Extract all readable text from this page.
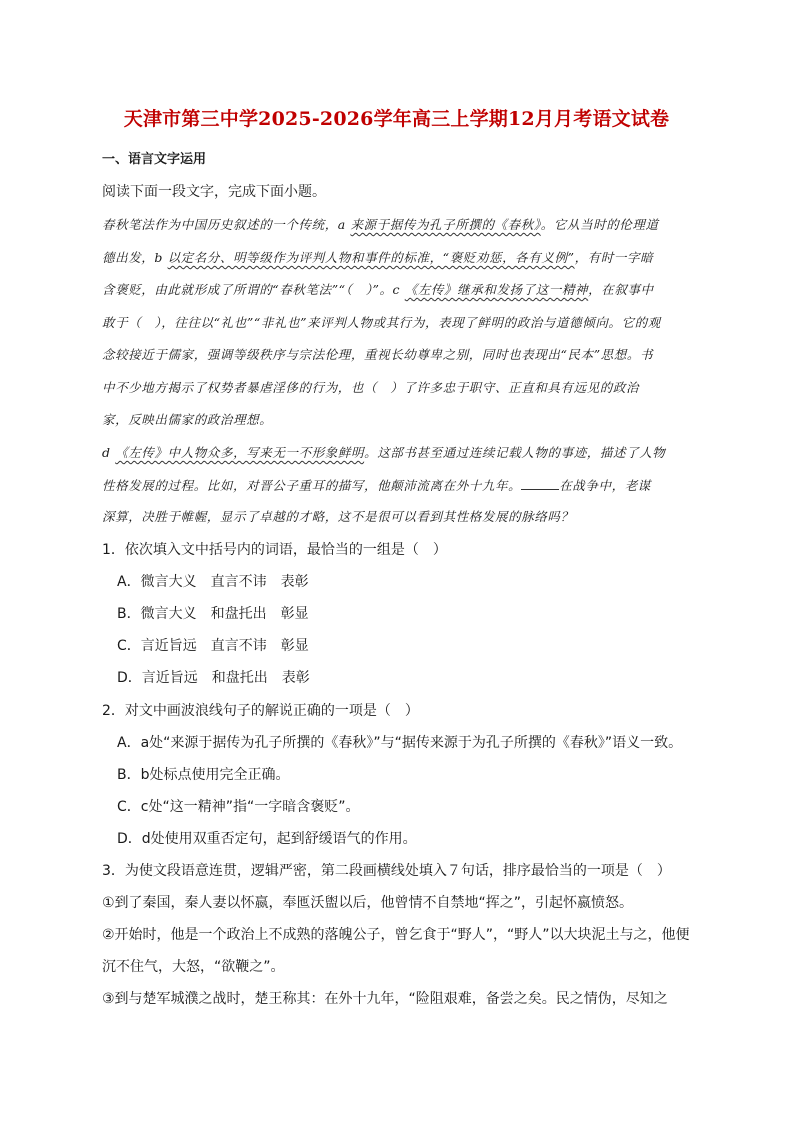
天津市第三中学2025-2026学年高三上学期12月月考语文试卷
一、语言文字运用
阅读下面一段文字，完成下面小题。
春秋笔法作为中国历史叙述的一个传统，a 来源于据传为孔子所撰的《春秋》。它从当时的伦理道
德出发，b 以定名分、明等级作为评判人物和事件的标准，“褒贬劝惩，各有义例”，有时一字暗
含褒贬，由此就形成了所谓的“春秋笔法”“（　）”。c 《左传》继承和发扬了这一精神，在叙事中
敢于（　），往往以“礼也”“非礼也”来评判人物或其行为，表现了鲜明的政治与道德倾向。它的观
念较接近于儒家，强调等级秩序与宗法伦理，重视长幼尊卑之别，同时也表现出“民本”思想。书
中不少地方揭示了权势者暴虐淫侈的行为，也（　）了许多忠于职守、正直和具有远见的政治
家，反映出儒家的政治理想。
d 《左传》中人物众多，写来无一不形象鲜明。这部书甚至通过连续记载人物的事迹，描述了人物
性格发展的过程。比如，对晋公子重耳的描写，他颠沛流离在外十九年。	在战争中，老谋
深算，决胜于帷幄，显示了卓越的才略，这不是很可以看到其性格发展的脉络吗？
1．依次填入文中括号内的词语，最恰当的一组是（　）
A．微言大义　直言不讳　表彰
B．微言大义　和盘托出　彰显
C．言近旨远　直言不讳　彰显
D．言近旨远　和盘托出　表彰
2．对文中画波浪线句子的解说正确的一项是（　）
A．a处“来源于据传为孔子所撰的《春秋》”与“据传来源于为孔子所撰的《春秋》”语义一致。
B．b处标点使用完全正确。
C．c处“这一精神”指“一字暗含褒贬”。
D．d处使用双重否定句，起到舒缓语气的作用。
3．为使文段语意连贯，逻辑严密，第二段画横线处填入７句话，排序最恰当的一项是（　）
①到了秦国，秦人妻以怀嬴，奉匜沃盥以后，他曾情不自禁地“挥之”，引起怀嬴愤怒。
②开始时，他是一个政治上不成熟的落魄公子，曾乞食于“野人”，“野人”以大块泥土与之，他便
沉不住气，大怒，“欲鞭之”。
③到与楚军城濮之战时，楚王称其：在外十九年，“险阻艰难，备尝之矣。民之情伪，尽知之
